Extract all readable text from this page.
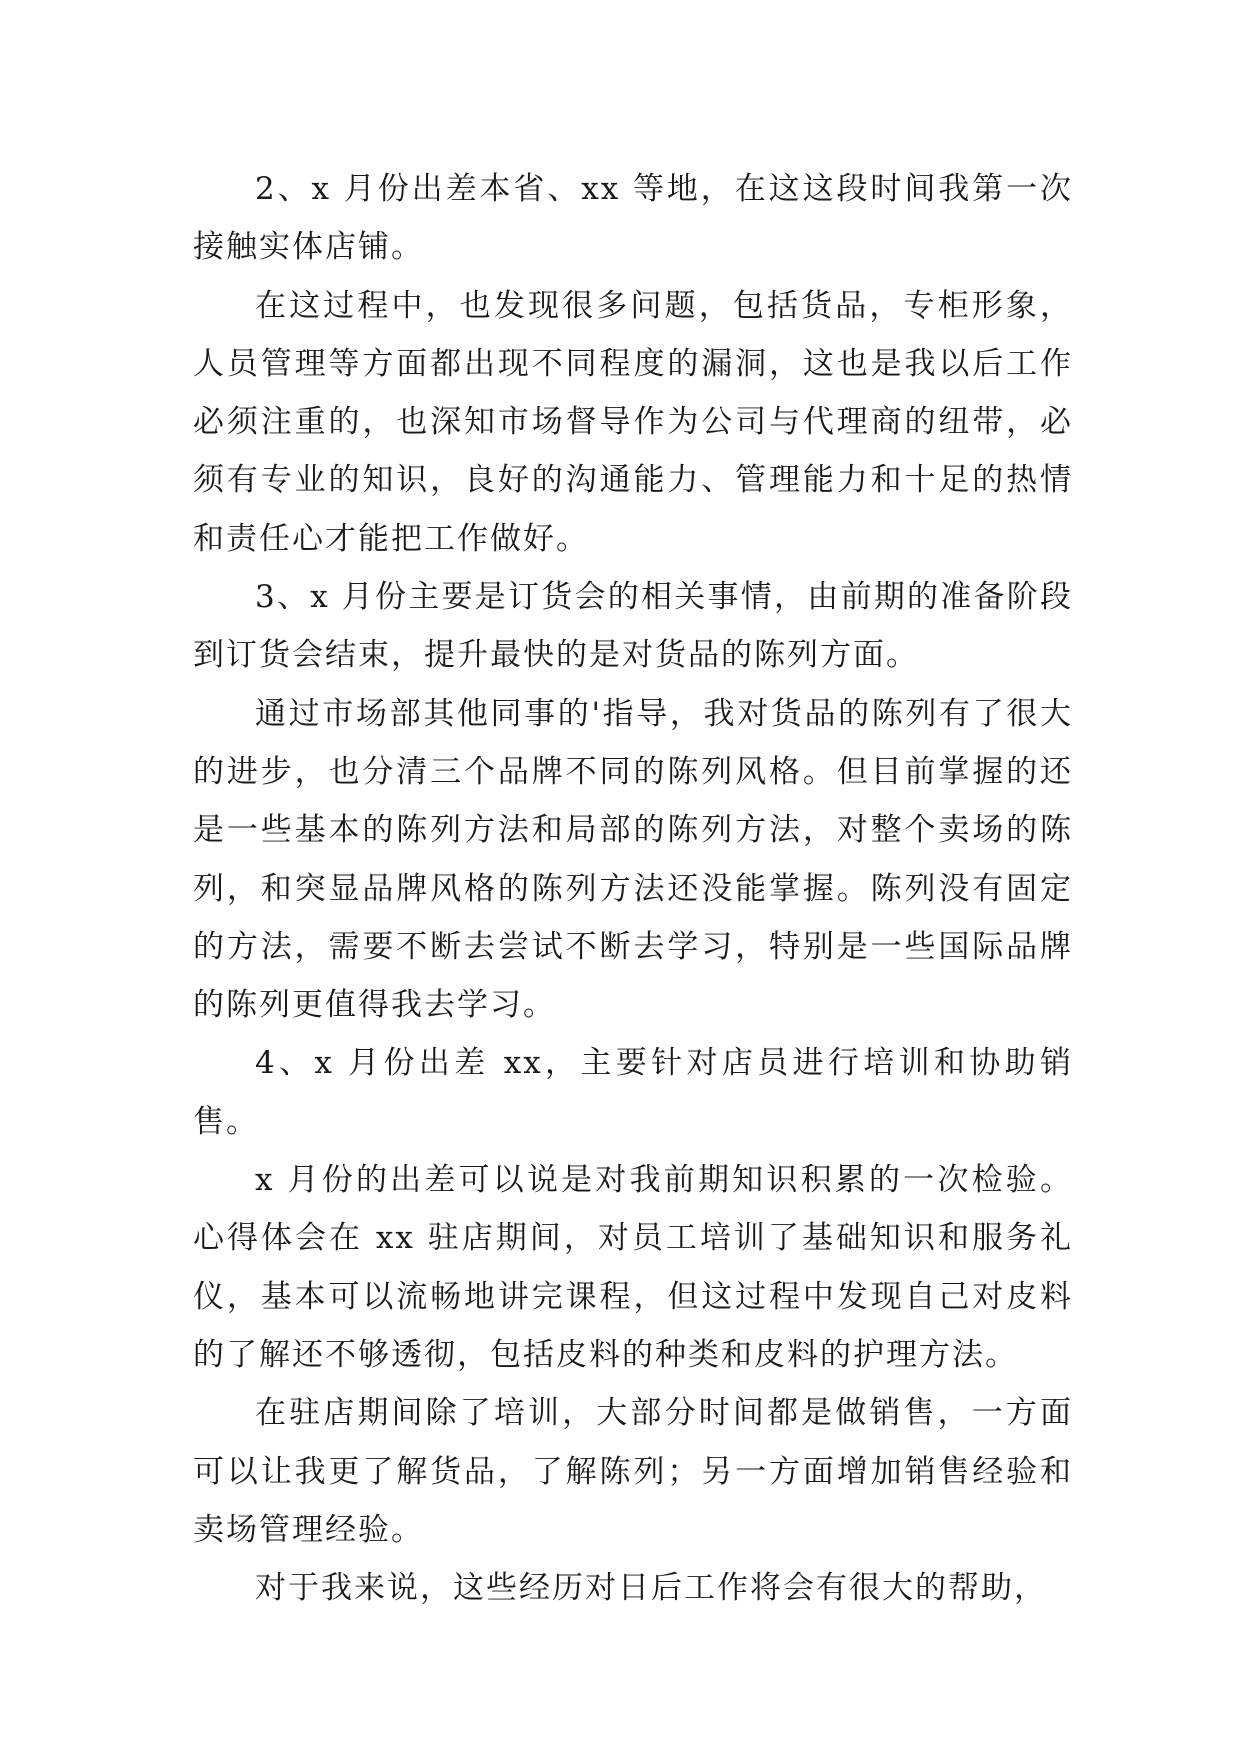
2、x 月份出差本省、xx 等地，在这这段时间我第一次接触实体店铺。

在这过程中，也发现很多问题，包括货品，专柜形象，人员管理等方面都出现不同程度的漏洞，这也是我以后工作必须注重的，也深知市场督导作为公司与代理商的纽带，必须有专业的知识，良好的沟通能力、管理能力和十足的热情和责任心才能把工作做好。

3、x 月份主要是订货会的相关事情，由前期的准备阶段到订货会结束，提升最快的是对货品的陈列方面。

通过市场部其他同事的'指导，我对货品的陈列有了很大的进步，也分清三个品牌不同的陈列风格。但目前掌握的还是一些基本的陈列方法和局部的陈列方法，对整个卖场的陈列，和突显品牌风格的陈列方法还没能掌握。陈列没有固定的方法，需要不断去尝试不断去学习，特别是一些国际品牌的陈列更值得我去学习。

4、x 月份出差 xx，主要针对店员进行培训和协助销售。

x 月份的出差可以说是对我前期知识积累的一次检验。心得体会在 xx 驻店期间，对员工培训了基础知识和服务礼仪，基本可以流畅地讲完课程，但这过程中发现自己对皮料的了解还不够透彻，包括皮料的种类和皮料的护理方法。

在驻店期间除了培训，大部分时间都是做销售，一方面可以让我更了解货品，了解陈列；另一方面增加销售经验和卖场管理经验。

对于我来说，这些经历对日后工作将会有很大的帮助，
